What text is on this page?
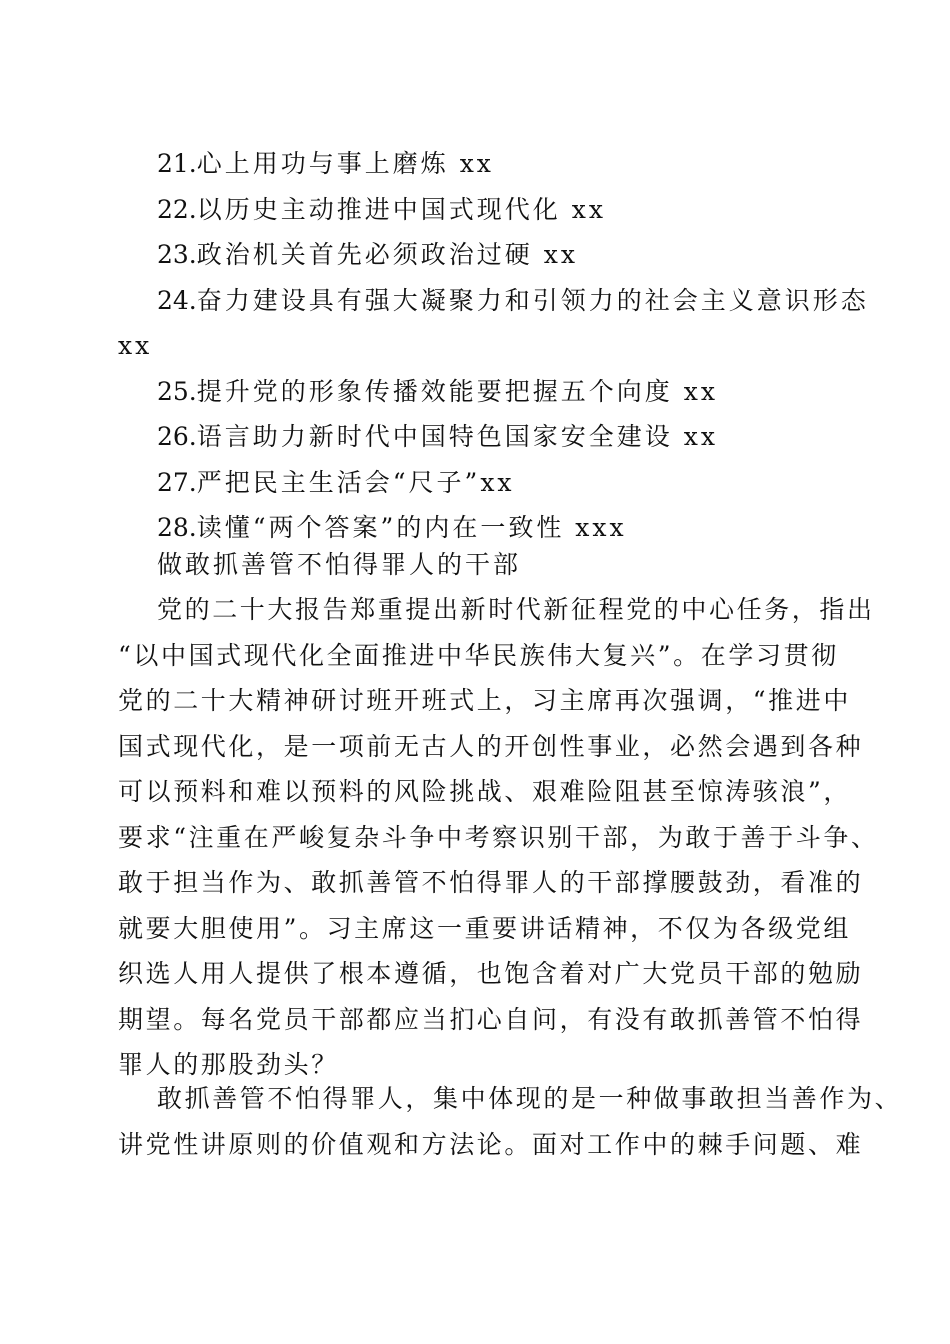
21.心上用功与事上磨炼 xx
22.以历史主动推进中国式现代化 xx
23.政治机关首先必须政治过硬 xx
24.奋力建设具有强大凝聚力和引领力的社会主义意识形态
xx
25.提升党的形象传播效能要把握五个向度 xx
26.语言助力新时代中国特色国家安全建设 xx
27.严把民主生活会“尺子”xx
28.读懂“两个答案”的内在一致性 xxx
做敢抓善管不怕得罪人的干部
党的二十大报告郑重提出新时代新征程党的中心任务，指出
“以中国式现代化全面推进中华民族伟大复兴”。在学习贯彻
党的二十大精神研讨班开班式上，习主席再次强调，“推进中
国式现代化，是一项前无古人的开创性事业，必然会遇到各种
可以预料和难以预料的风险挑战、艰难险阻甚至惊涛骇浪”，
要求“注重在严峻复杂斗争中考察识别干部，为敢于善于斗争、
敢于担当作为、敢抓善管不怕得罪人的干部撑腰鼓劲，看准的
就要大胆使用”。习主席这一重要讲话精神，不仅为各级党组
织选人用人提供了根本遵循，也饱含着对广大党员干部的勉励
期望。每名党员干部都应当扪心自问，有没有敢抓善管不怕得
罪人的那股劲头？
敢抓善管不怕得罪人，集中体现的是一种做事敢担当善作为、
讲党性讲原则的价值观和方法论。面对工作中的棘手问题、难
